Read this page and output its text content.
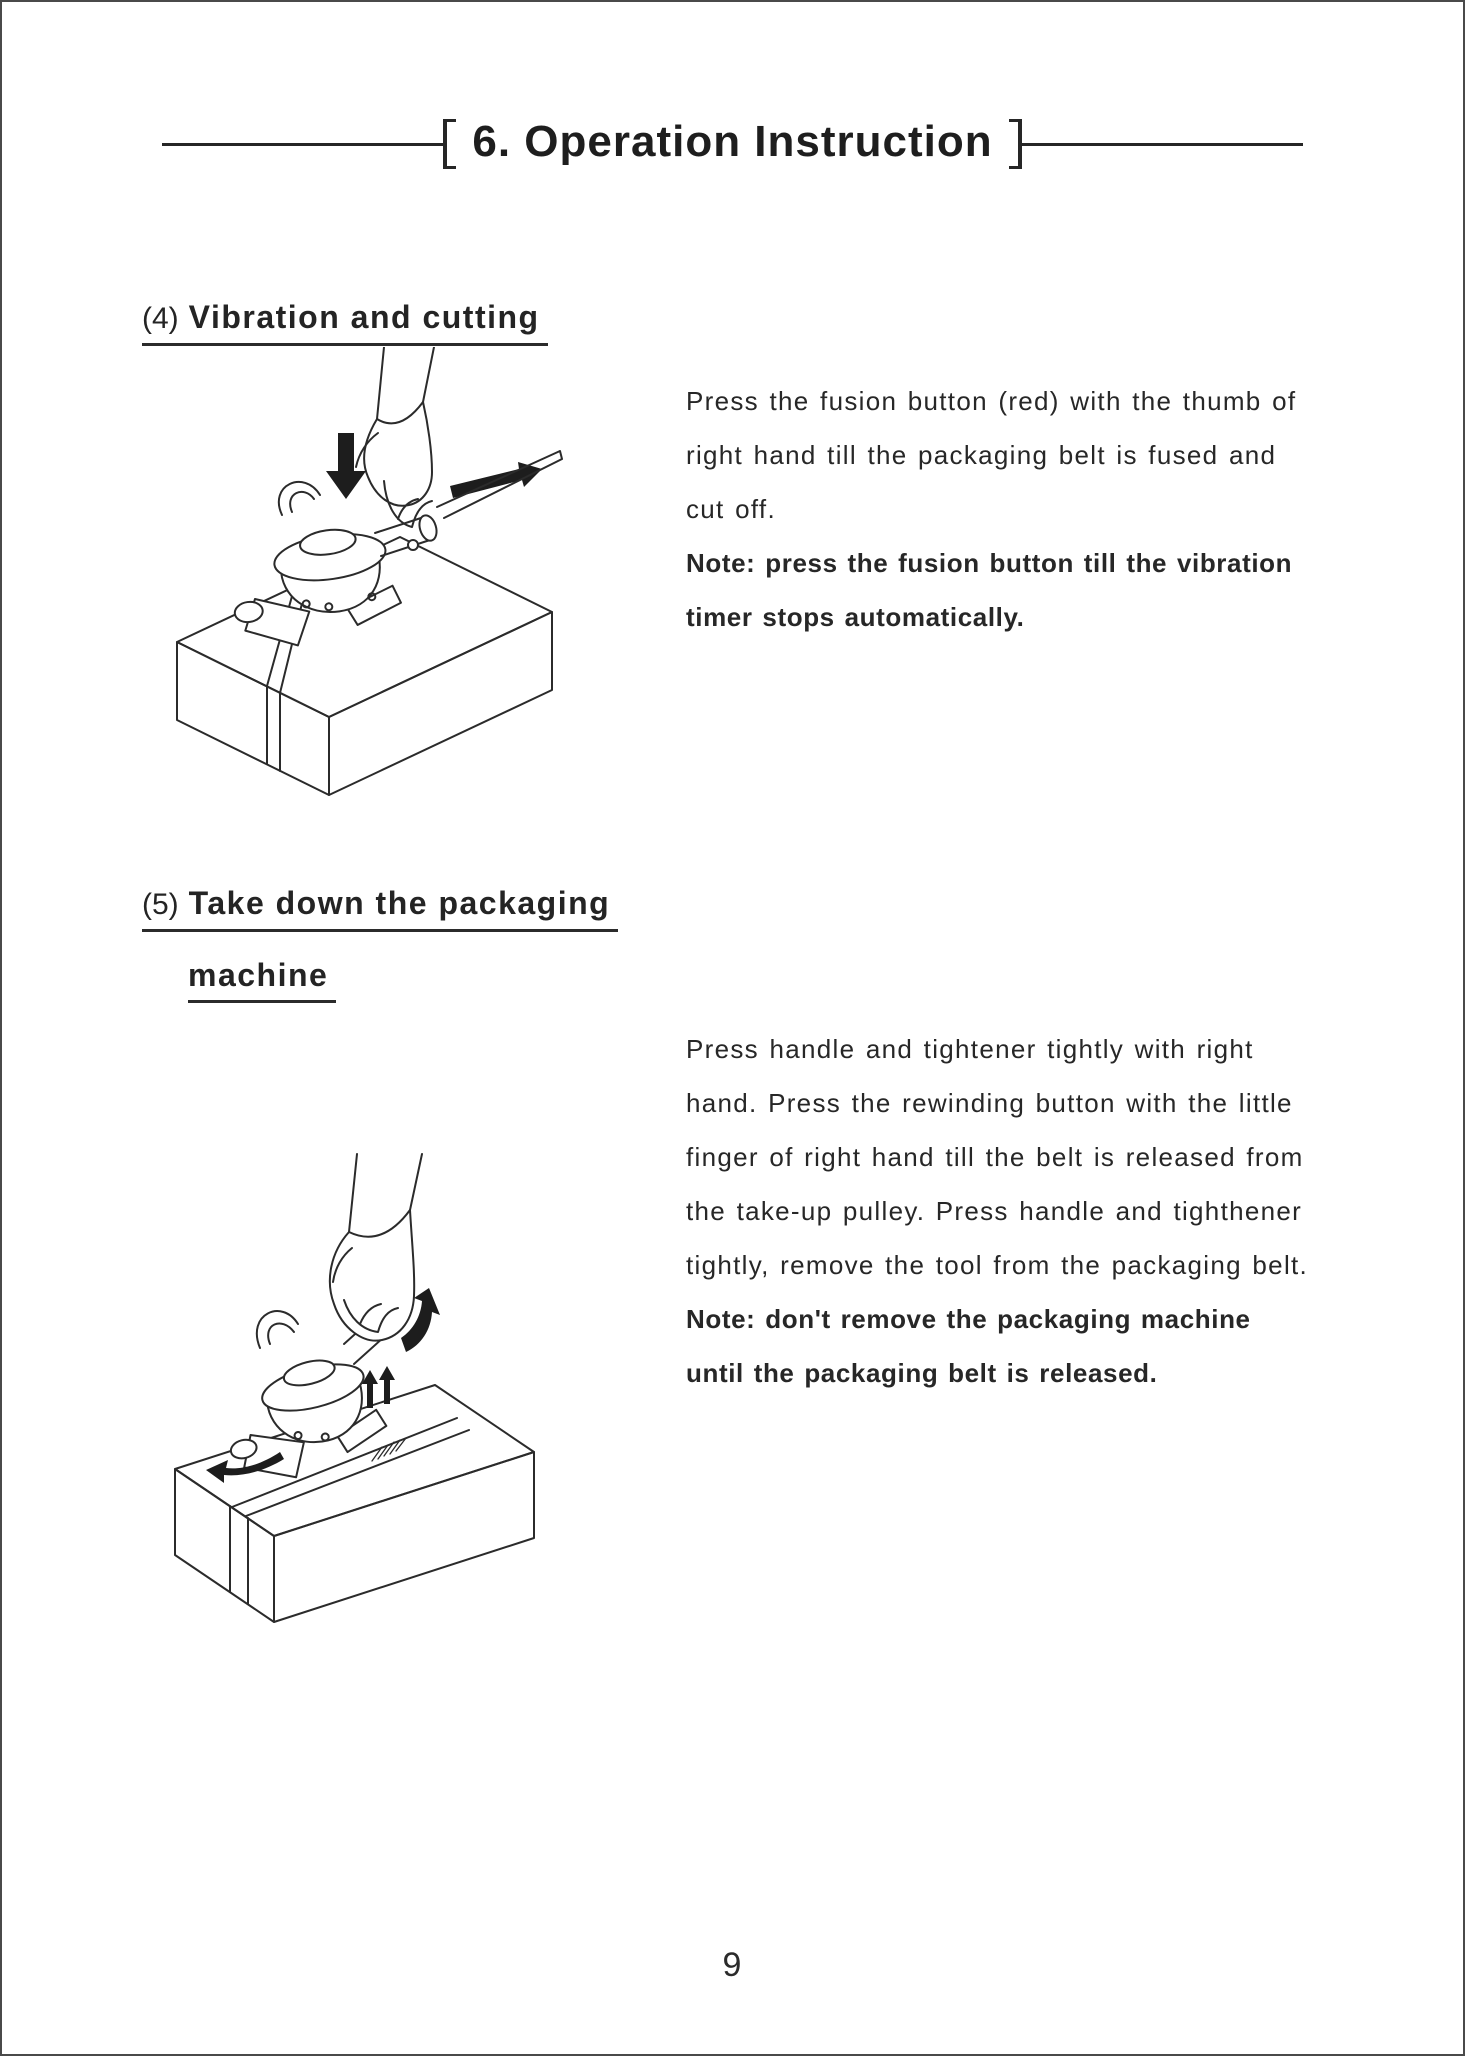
6. Operation Instruction
(4) Vibration and cutting
Press the fusion button (red) with the thumb of
right hand till the packaging belt is fused and
cut off.
Note: press the fusion button till the vibration
timer stops automatically.
(5) Take down the packaging
machine
Press handle and tightener tightly with right
hand. Press the rewinding button with the little
finger of right hand till the belt is released from
the take-up pulley. Press handle and tighthener
tightly, remove the tool from the packaging belt.
Note: don't remove the packaging machine
until the packaging belt is released.
9
